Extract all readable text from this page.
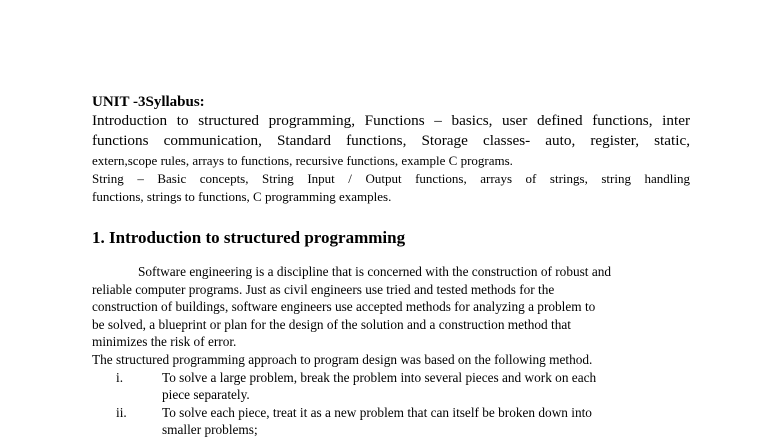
UNIT -3Syllabus:
Introduction to structured programming, Functions – basics, user defined functions, inter
functions communication, Standard functions, Storage classes- auto, register, static,
extern,scope rules, arrays to functions, recursive functions, example C programs.
String – Basic concepts, String Input / Output functions, arrays of strings, string handling
functions, strings to functions, C programming examples.
1. Introduction to structured programming
Software engineering is a discipline that is concerned with the construction of robust and
reliable computer programs. Just as civil engineers use tried and tested methods for the
construction of buildings, software engineers use accepted methods for analyzing a problem to
be solved, a blueprint or plan for the design of the solution and a construction method that
minimizes the risk of error.
The structured programming approach to program design was based on the following method.
i.	To solve a large problem, break the problem into several pieces and work on each
piece separately.
ii.	To solve each piece, treat it as a new problem that can itself be broken down into
smaller problems;
